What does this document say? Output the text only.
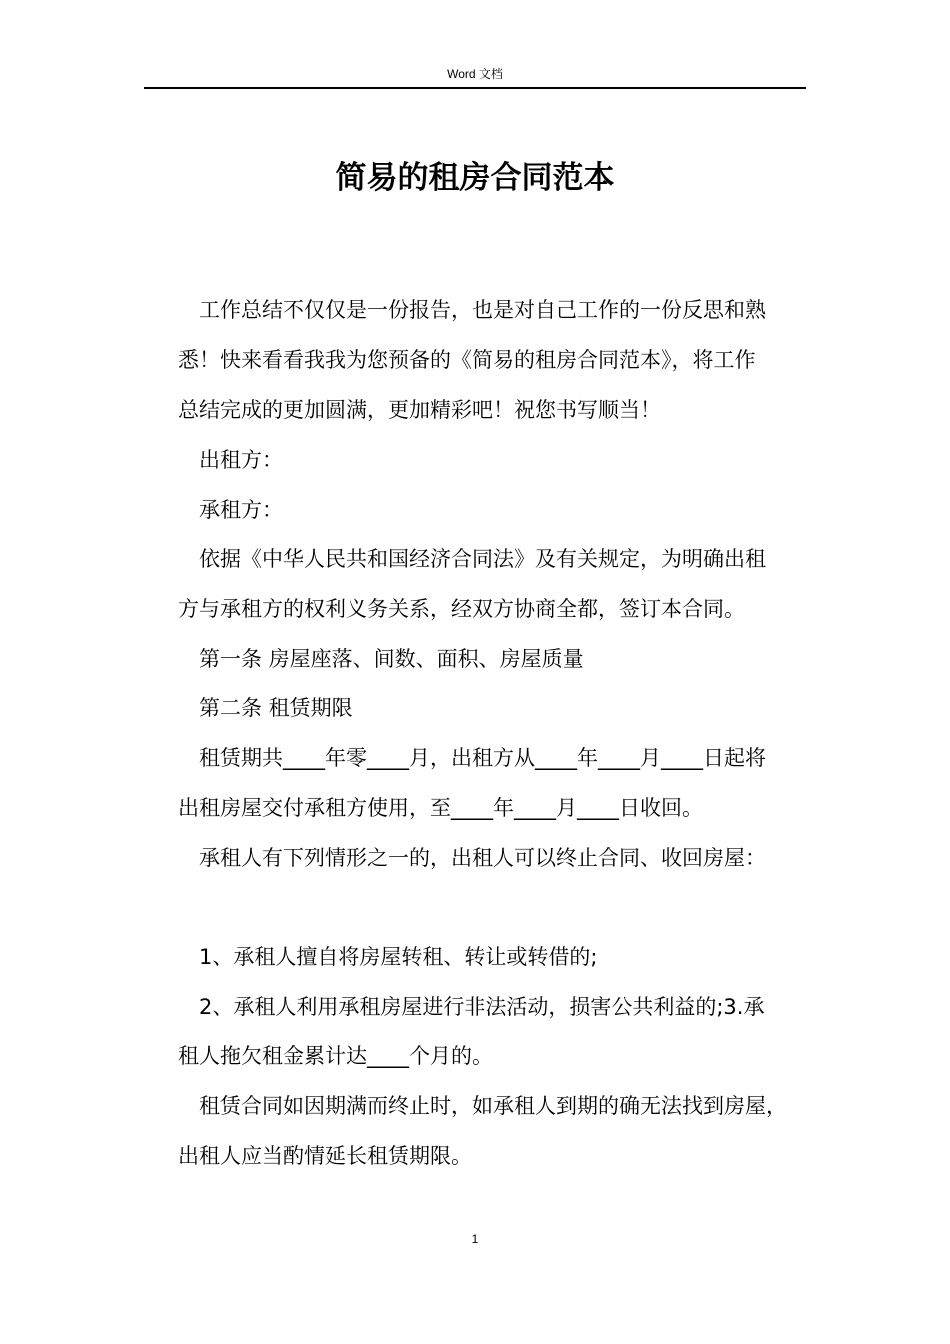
Word 文档
简易的租房合同范本
工作总结不仅仅是一份报告，也是对自己工作的一份反思和熟
悉！快来看看我我为您预备的《简易的租房合同范本》，将工作
总结完成的更加圆满，更加精彩吧！祝您书写顺当！
出租方：
承租方：
依据《中华人民共和国经济合同法》及有关规定，为明确出租
方与承租方的权利义务关系，经双方协商全都，签订本合同。
第一条 房屋座落、间数、面积、房屋质量
第二条 租赁期限
租赁期共____年零____月，出租方从____年____月____日起将
出租房屋交付承租方使用，至____年____月____日收回。
承租人有下列情形之一的，出租人可以终止合同、收回房屋：
1、承租人擅自将房屋转租、转让或转借的;
2、承租人利用承租房屋进行非法活动，损害公共利益的;3.承
租人拖欠租金累计达____个月的。
租赁合同如因期满而终止时，如承租人到期的确无法找到房屋，
出租人应当酌情延长租赁期限。
1
